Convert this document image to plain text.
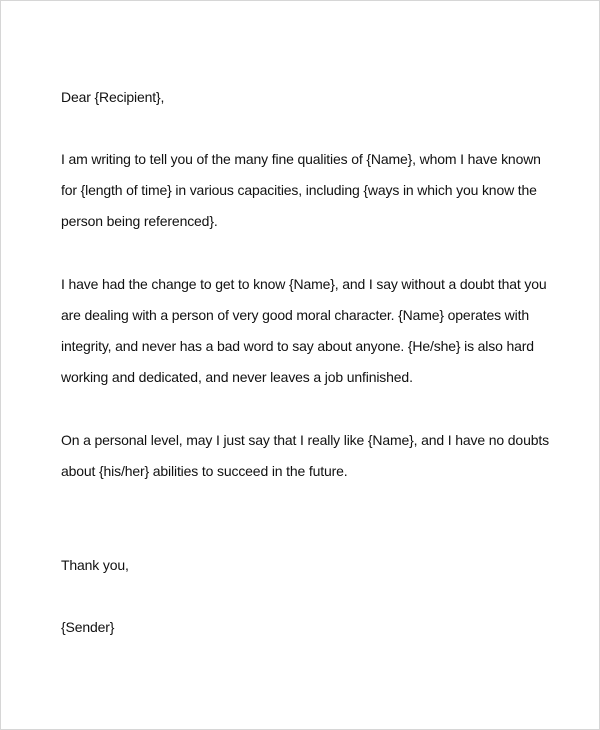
Dear {Recipient},
I am writing to tell you of the many fine qualities of {Name}, whom I have known
for {length of time} in various capacities, including {ways in which you know the
person being referenced}.
I have had the change to get to know {Name}, and I say without a doubt that you
are dealing with a person of very good moral character. {Name} operates with
integrity, and never has a bad word to say about anyone. {He/she} is also hard
working and dedicated, and never leaves a job unfinished.
On a personal level, may I just say that I really like {Name}, and I have no doubts
about {his/her} abilities to succeed in the future.
Thank you,
{Sender}
